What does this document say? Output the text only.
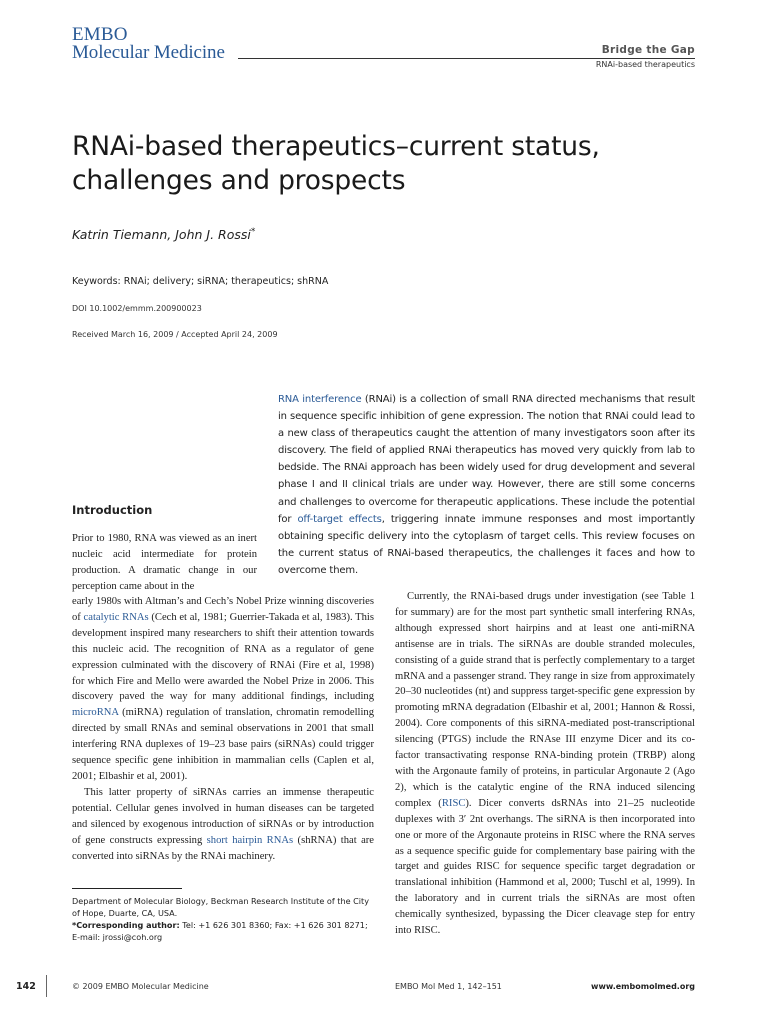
EMBO
Molecular Medicine	Bridge the Gap
RNAi-based therapeutics
RNAi-based therapeutics–current status, challenges and prospects
Katrin Tiemann, John J. Rossi*
Keywords: RNAi; delivery; siRNA; therapeutics; shRNA
DOI 10.1002/emmm.200900023
Received March 16, 2009 / Accepted April 24, 2009
RNA interference (RNAi) is a collection of small RNA directed mechanisms that result in sequence specific inhibition of gene expression. The notion that RNAi could lead to a new class of therapeutics caught the attention of many investigators soon after its discovery. The field of applied RNAi therapeutics has moved very quickly from lab to bedside. The RNAi approach has been widely used for drug development and several phase I and II clinical trials are under way. However, there are still some concerns and challenges to overcome for therapeutic applications. These include the potential for off-target effects, triggering innate immune responses and most importantly obtaining specific delivery into the cytoplasm of target cells. This review focuses on the current status of RNAi-based therapeutics, the challenges it faces and how to overcome them.
Introduction

Prior to 1980, RNA was viewed as an inert nucleic acid intermediate for protein production. A dramatic change in our perception came about in the

early 1980s with Altman’s and Cech’s Nobel Prize winning discoveries of catalytic RNAs (Cech et al, 1981; Guerrier-Takada et al, 1983). This development inspired many researchers to shift their attention towards this nucleic acid. The recognition of RNA as a regulator of gene expression culminated with the discovery of RNAi (Fire et al, 1998) for which Fire and Mello were awarded the Nobel Prize in 2006. This discovery paved the way for many additional findings, including microRNA (miRNA) regulation of translation, chromatin remodelling directed by small RNAs and seminal observations in 2001 that small interfering RNA duplexes of 19–23 base pairs (siRNAs) could trigger sequence specific gene inhibition in mammalian cells (Caplen et al, 2001; Elbashir et al, 2001).

This latter property of siRNAs carries an immense therapeutic potential. Cellular genes involved in human diseases can be targeted and silenced by exogenous introduction of siRNAs or by introduction of gene constructs expressing short hairpin RNAs (shRNA) that are converted into siRNAs by the RNAi machinery.

Currently, the RNAi-based drugs under investigation (see Table 1 for summary) are for the most part synthetic small interfering RNAs, although expressed short hairpins and at least one anti-miRNA antisense are in trials. The siRNAs are double stranded molecules, consisting of a guide strand that is perfectly complementary to a target mRNA and a passenger strand. They range in size from approximately 20–30 nucleotides (nt) and suppress target-specific gene expression by promoting mRNA degradation (Elbashir et al, 2001; Hannon & Rossi, 2004). Core components of this siRNA-mediated post-transcriptional silencing (PTGS) include the RNAse III enzyme Dicer and its co-factor transactivating response RNA-binding protein (TRBP) along with the Argonaute family of proteins, in particular Argonaute 2 (Ago 2), which is the catalytic engine of the RNA induced silencing complex (RISC). Dicer converts dsRNAs into 21–25 nucleotide duplexes with 3′ 2nt overhangs. The siRNA is then incorporated into one or more of the Argonaute proteins in RISC where the RNA serves as a sequence specific guide for complementary base pairing with the target and guides RISC for sequence specific target degradation or translational inhibition (Hammond et al, 2000; Tuschl et al, 1999). In the laboratory and in current trials the siRNAs are most often chemically synthesized, bypassing the Dicer cleavage step for entry into RISC.

Department of Molecular Biology, Beckman Research Institute of the City of Hope, Duarte, CA, USA.
*Corresponding author: Tel: +1 626 301 8360; Fax: +1 626 301 8271;
E-mail: jrossi@coh.org
142	© 2009 EMBO Molecular Medicine	EMBO Mol Med 1, 142–151	www.embomolmed.org
